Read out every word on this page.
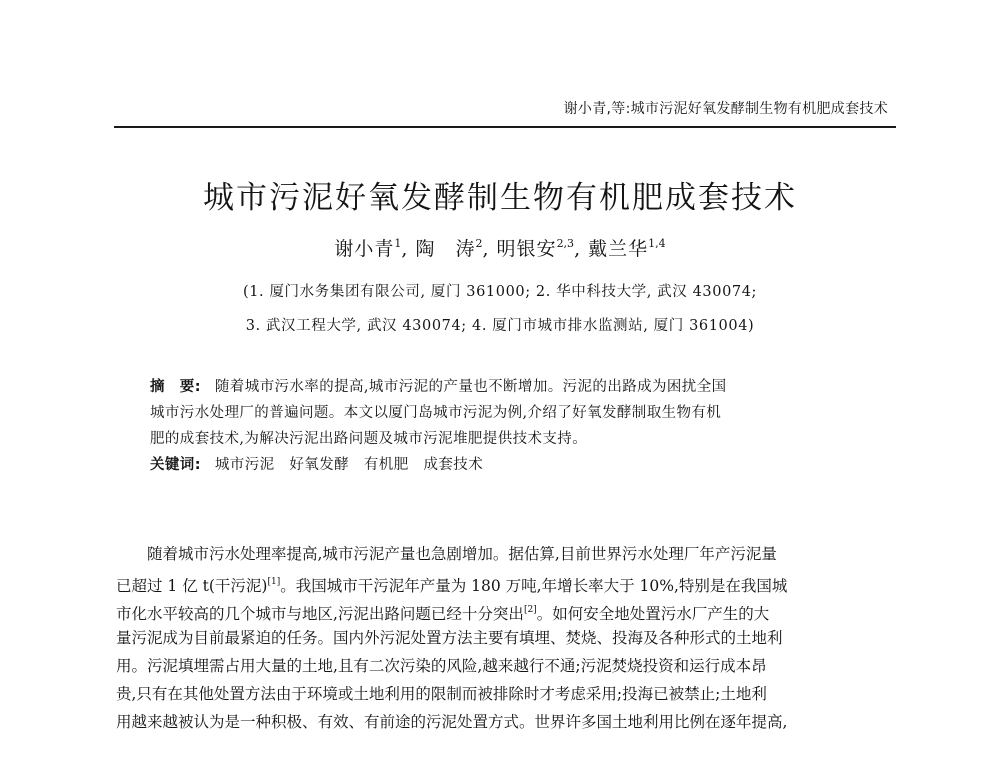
谢小青,等:城市污泥好氧发酵制生物有机肥成套技术
城市污泥好氧发酵制生物有机肥成套技术
谢小青$^1$, 陶　涛$^2$, 明银安$^{2,3}$, 戴兰华$^{1,4}$
(1. 厦门水务集团有限公司, 厦门 361000; 2. 华中科技大学, 武汉 430074;
3. 武汉工程大学, 武汉 430074; 4. 厦门市城市排水监测站, 厦门 361004)
摘　要: 随着城市污水率的提高,城市污泥的产量也不断增加。污泥的出路成为困扰全国
城市污水处理厂的普遍问题。本文以厦门岛城市污泥为例,介绍了好氧发酵制取生物有机
肥的成套技术,为解决污泥出路问题及城市污泥堆肥提供技术支持。
关键词: 城市污泥　好氧发酵　有机肥　成套技术
随着城市污水处理率提高,城市污泥产量也急剧增加。据估算,目前世界污水处理厂年产污泥量
已超过 1 亿 t(干污泥)[1]。我国城市干污泥年产量为 180 万吨,年增长率大于 10%,特别是在我国城
市化水平较高的几个城市与地区,污泥出路问题已经十分突出[2]。如何安全地处置污水厂产生的大
量污泥成为目前最紧迫的任务。国内外污泥处置方法主要有填埋、焚烧、投海及各种形式的土地利
用。污泥填埋需占用大量的土地,且有二次污染的风险,越来越行不通;污泥焚烧投资和运行成本昂
贵,只有在其他处置方法由于环境或土地利用的限制而被排除时才考虑采用;投海已被禁止;土地利
用越来越被认为是一种积极、有效、有前途的污泥处置方式。世界许多国土地利用比例在逐年提高,
